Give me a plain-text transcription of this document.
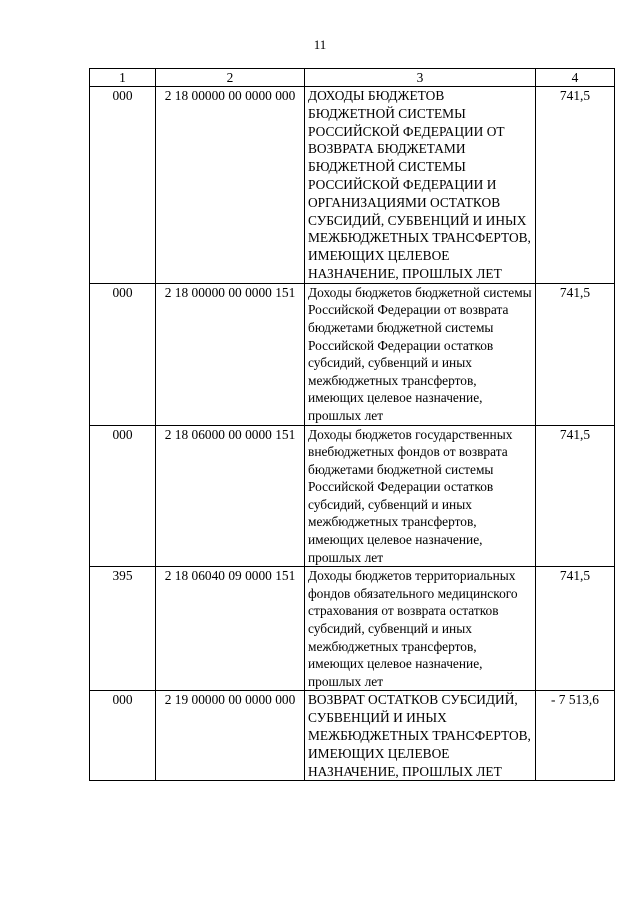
11
1	2	3	4
000	2 18 00000 00 0000 000	ДОХОДЫ БЮДЖЕТОВ БЮДЖЕТНОЙ СИСТЕМЫ РОССИЙСКОЙ ФЕДЕРАЦИИ ОТ ВОЗВРАТА БЮДЖЕТАМИ БЮДЖЕТНОЙ СИСТЕМЫ РОССИЙСКОЙ ФЕДЕРАЦИИ И ОРГАНИЗАЦИЯМИ ОСТАТКОВ СУБСИДИЙ, СУБВЕНЦИЙ И ИНЫХ МЕЖБЮДЖЕТНЫХ ТРАНСФЕРТОВ, ИМЕЮЩИХ ЦЕЛЕВОЕ НАЗНАЧЕНИЕ, ПРОШЛЫХ ЛЕТ	741,5
000	2 18 00000 00 0000 151	Доходы бюджетов бюджетной системы Российской Федерации от возврата бюджетами бюджетной системы Российской Федерации остатков субсидий, субвенций и иных межбюджетных трансфертов, имеющих целевое назначение, прошлых лет	741,5
000	2 18 06000 00 0000 151	Доходы бюджетов государственных внебюджетных фондов от возврата бюджетами бюджетной системы Российской Федерации остатков субсидий, субвенций и иных межбюджетных трансфертов, имеющих целевое назначение, прошлых лет	741,5
395	2 18 06040 09 0000 151	Доходы бюджетов территориальных фондов обязательного медицинского страхования от возврата остатков субсидий, субвенций и иных межбюджетных трансфертов, имеющих целевое назначение, прошлых лет	741,5
000	2 19 00000 00 0000 000	ВОЗВРАТ ОСТАТКОВ СУБСИДИЙ, СУБВЕНЦИЙ И ИНЫХ МЕЖБЮДЖЕТНЫХ ТРАНСФЕРТОВ, ИМЕЮЩИХ ЦЕЛЕВОЕ НАЗНАЧЕНИЕ, ПРОШЛЫХ ЛЕТ	- 7 513,6
